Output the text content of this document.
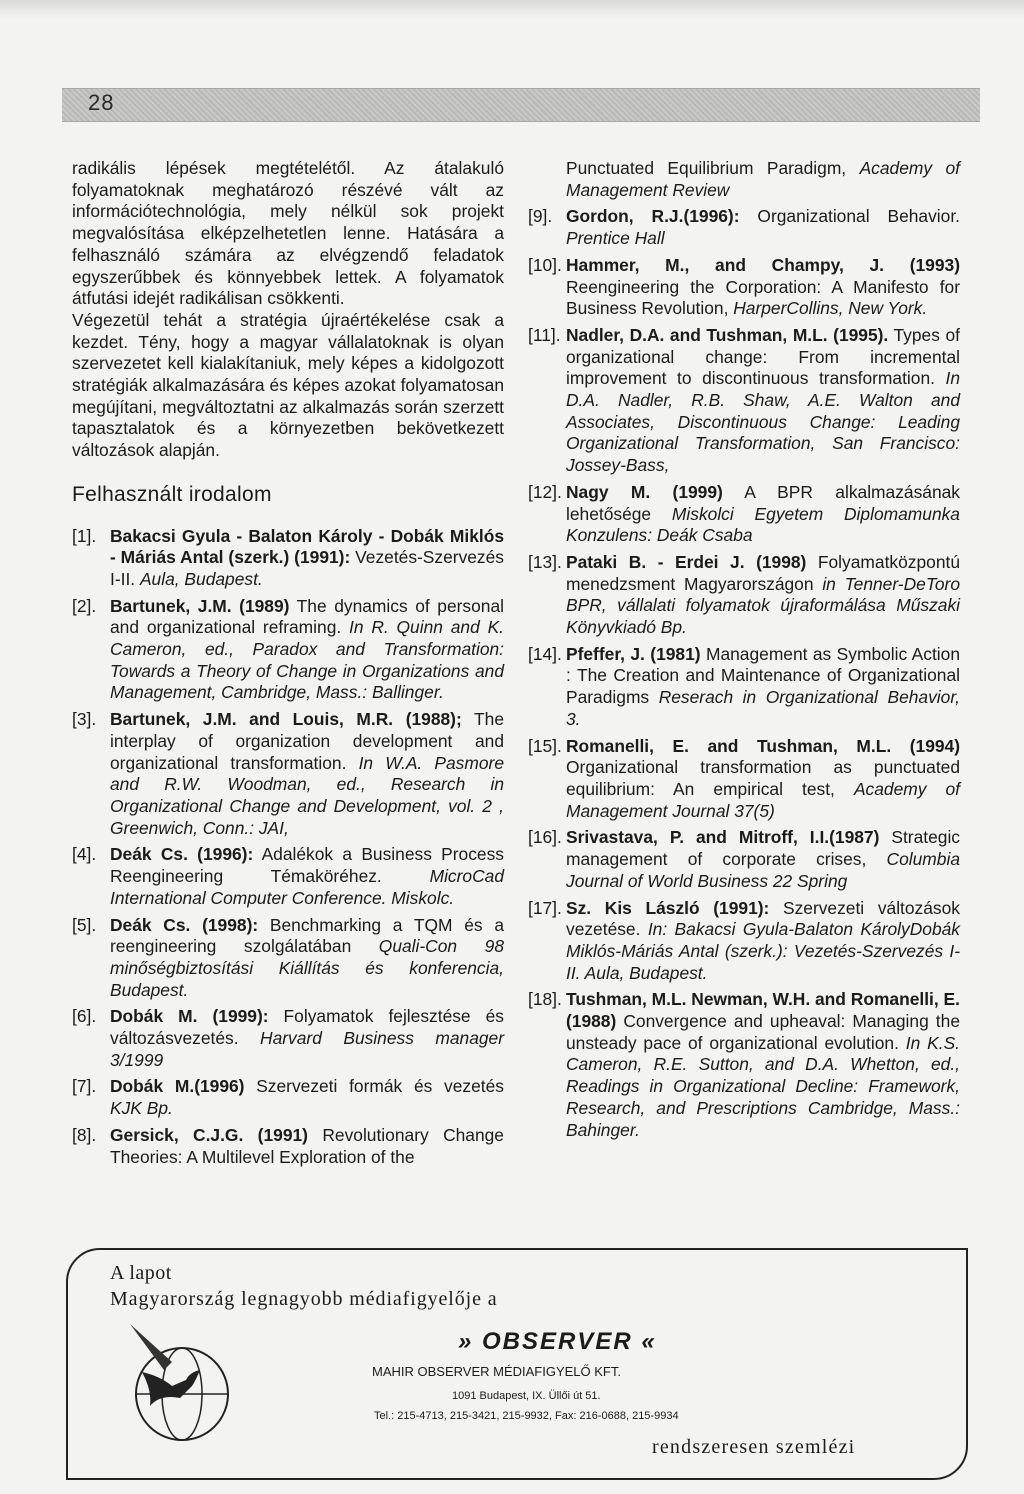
28

radikális lépések megtételétől. Az átalakuló folyamatoknak meghatározó részévé vált az információtechnológia, mely nélkül sok projekt megvalósítása elképzelhetetlen lenne. Hatására a felhasználó számára az elvégzendő feladatok egyszerűbbek és könnyebbek lettek. A folyamatok átfutási idejét radikálisan csökkenti.

Végezetül tehát a stratégia újraértékelése csak a kezdet. Tény, hogy a magyar vállalatoknak is olyan szervezetet kell kialakítaniuk, mely képes a kidolgozott stratégiák alkalmazására és képes azokat folyamatosan megújítani, megváltoztatni az alkalmazás során szerzett tapasztalatok és a környezetben bekövetkezett változások alapján.

Felhasznált irodalom
[1]. Bakacsi Gyula - Balaton Károly - Dobák Miklós - Máriás Antal (szerk.) (1991): Vezetés-Szervezés I-II. Aula, Budapest.
[2]. Bartunek, J.M. (1989) The dynamics of personal and organizational reframing. In R. Quinn and K. Cameron, ed., Paradox and Transformation: Towards a Theory of Change in Organizations and Management, Cambridge, Mass.: Ballinger.
[3]. Bartunek, J.M. and Louis, M.R. (1988); The interplay of organization development and organizational transformation. In W.A. Pasmore and R.W. Woodman, ed., Research in Organizational Change and Development, vol. 2 , Greenwich, Conn.: JAI,
[4]. Deák Cs. (1996): Adalékok a Business Process Reengineering Témaköréhez. MicroCad International Computer Conference. Miskolc.
[5]. Deák Cs. (1998): Benchmarking a TQM és a reengineering szolgálatában Quali-Con 98 minőségbiztosítási Kiállítás és konferencia, Budapest.
[6]. Dobák M. (1999): Folyamatok fejlesztése és változásvezetés. Harvard Business manager 3/1999
[7]. Dobák M.(1996) Szervezeti formák és vezetés KJK Bp.
[8]. Gersick, C.J.G. (1991) Revolutionary Change Theories: A Multilevel Exploration of the
Punctuated Equilibrium Paradigm, Academy of Management Review
[9]. Gordon, R.J.(1996): Organizational Behavior. Prentice Hall
[10]. Hammer, M., and Champy, J. (1993) Reengineering the Corporation: A Manifesto for Business Revolution, HarperCollins, New York.
[11]. Nadler, D.A. and Tushman, M.L. (1995). Types of organizational change: From incremental improvement to discontinuous transformation. In D.A. Nadler, R.B. Shaw, A.E. Walton and Associates, Discontinuous Change: Leading Organizational Transformation, San Francisco: Jossey-Bass,
[12]. Nagy M. (1999) A BPR alkalmazásának lehetősége Miskolci Egyetem Diplomamunka Konzulens: Deák Csaba
[13]. Pataki B. - Erdei J. (1998) Folyamatközpontú menedzsment Magyarországon in Tenner-DeToro BPR, vállalati folyamatok újraformálása Műszaki Könyvkiadó Bp.
[14]. Pfeffer, J. (1981) Management as Symbolic Action : The Creation and Maintenance of Organizational Paradigms Reserach in Organizational Behavior, 3.
[15]. Romanelli, E. and Tushman, M.L. (1994) Organizational transformation as punctuated equilibrium: An empirical test, Academy of Management Journal 37(5)
[16]. Srivastava, P. and Mitroff, I.I.(1987) Strategic management of corporate crises, Columbia Journal of World Business 22 Spring
[17]. Sz. Kis László (1991): Szervezeti változások vezetése. In: Bakacsi Gyula-Balaton KárolyDobák Miklós-Máriás Antal (szerk.): Vezetés-Szervezés I-II. Aula, Budapest.
[18]. Tushman, M.L. Newman, W.H. and Romanelli, E. (1988) Convergence and upheaval: Managing the unsteady pace of organizational evolution. In K.S. Cameron, R.E. Sutton, and D.A. Whetton, ed., Readings in Organizational Decline: Framework, Research, and Prescriptions Cambridge, Mass.: Bahinger.
A lapot
Magyarország legnagyobb médiafigyelője a
» OBSERVER «
MAHIR OBSERVER MÉDIAFIGYELŐ KFT.
1091 Budapest, IX. Üllői út 51.
Tel.: 215-4713, 215-3421, 215-9932, Fax: 216-0688, 215-9934
rendszeresen szemlézi
